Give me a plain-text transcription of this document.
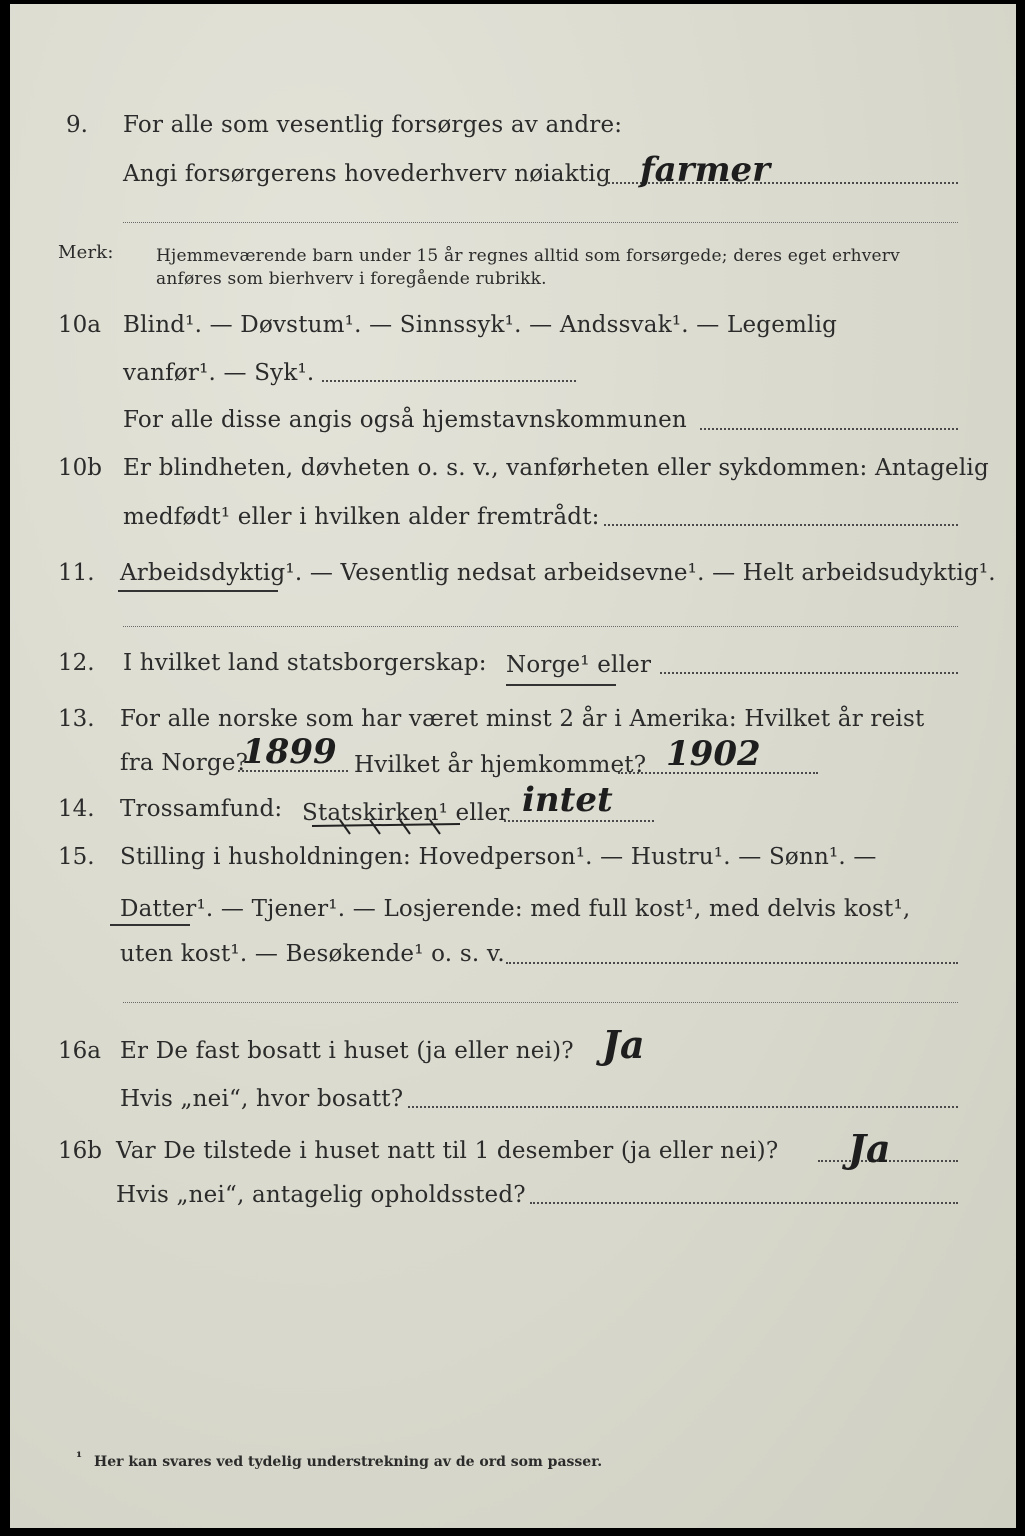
9. For alle som vesentlig forsørges av andre:
Angi forsørgerens hovederhverv nøiaktig farmer
Merk: Hjemmeværende barn under 15 år regnes alltid som forsørgede; deres eget erhverv
anføres som bierhverv i foregående rubrikk.
10a Blind¹. — Døvstum¹. — Sinnssyk¹. — Andssvak¹. — Legemlig
vanfør¹. — Syk¹.
For alle disse angis også hjemstavnskommunen
10b Er blindheten, døvheten o. s. v., vanførheten eller sykdommen: Antagelig
medfødt¹ eller i hvilken alder fremtrådt:
11. Arbeidsdyktig¹. — Vesentlig nedsat arbeidsevne¹. — Helt arbeidsudyktig¹.
12. I hvilket land statsborgerskap: Norge¹ eller
13. For alle norske som har været minst 2 år i Amerika: Hvilket år reist
fra Norge?
1899 Hvilket år hjemkommet? 1902
14. Trossamfund: Statskirken¹ eller intet
15. Stilling i husholdningen: Hovedperson¹. — Hustru¹. — Sønn¹. —
Datter¹. — Tjener¹. — Losjerende: med full kost¹, med delvis kost¹,
uten kost¹. — Besøkende¹ o. s. v.
16a Er De fast bosatt i huset (ja eller nei)? Ja
Hvis „nei“, hvor bosatt?
16b Var De tilstede i huset natt til 1 desember (ja eller nei)? Ja
Hvis „nei“, antagelig opholdssted?
¹ Her kan svares ved tydelig understrekning av de ord som passer.
